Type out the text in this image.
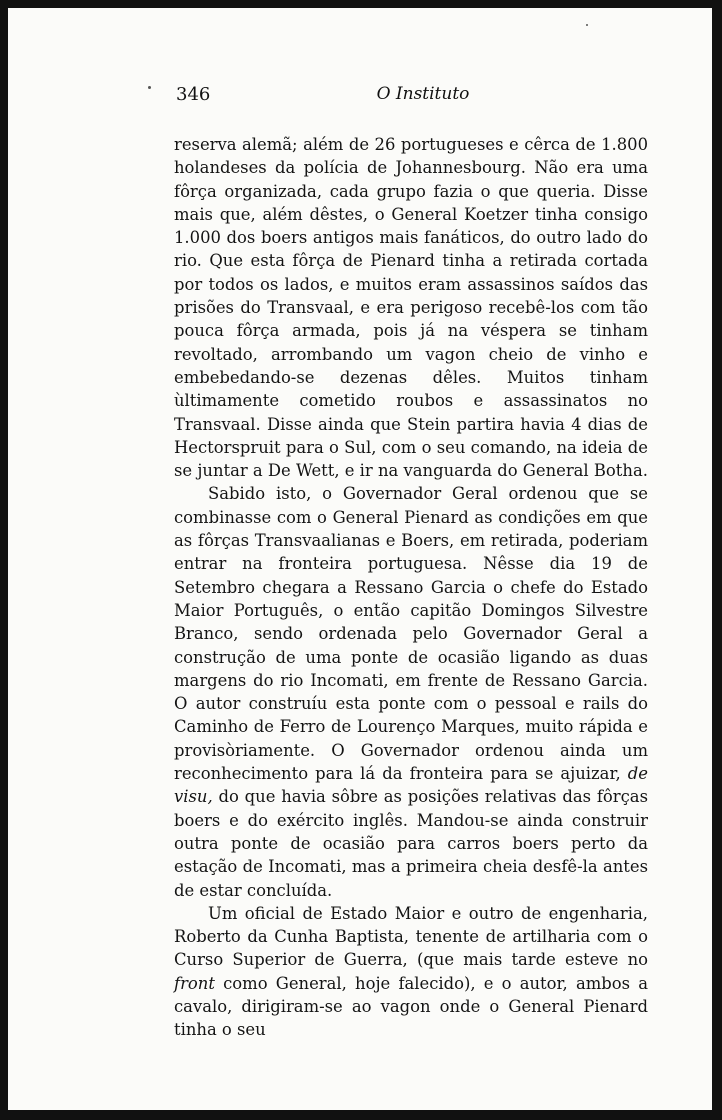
346	O Instituto

reserva alemã; além de 26 portugueses e cêrca de 1.800 holandeses da polícia de Johannesbourg. Não era uma fôrça organizada, cada grupo fazia o que queria. Disse mais que, além dêstes, o General Koetzer tinha consigo 1.000 dos boers antigos mais fanáticos, do outro lado do rio. Que esta fôrça de Pienard tinha a retirada cortada por todos os lados, e muitos eram assassinos saídos das prisões do Transvaal, e era perigoso recebê-los com tão pouca fôrça armada, pois já na véspera se tinham revoltado, arrombando um vagon cheio de vinho e embebedando-se dezenas dêles. Muitos tinham ùltimamente cometido roubos e assassinatos no Transvaal. Disse ainda que Stein partira havia 4 dias de Hectorspruit para o Sul, com o seu comando, na ideia de se juntar a De Wett, e ir na vanguarda do General Botha.

Sabido isto, o Governador Geral ordenou que se combinasse com o General Pienard as condições em que as fôrças Transvaalianas e Boers, em retirada, poderiam entrar na fronteira portuguesa. Nêsse dia 19 de Setembro chegara a Ressano Garcia o chefe do Estado Maior Português, o então capitão Domingos Silvestre Branco, sendo ordenada pelo Governador Geral a construção de uma ponte de ocasião ligando as duas margens do rio Incomati, em frente de Ressano Garcia. O autor construíu esta ponte com o pessoal e rails do Caminho de Ferro de Lourenço Marques, muito rápida e provisòriamente. O Governador ordenou ainda um reconhecimento para lá da fronteira para se ajuizar, de visu, do que havia sôbre as posições relativas das fôrças boers e do exército inglês. Mandou-se ainda construir outra ponte de ocasião para carros boers perto da estação de Incomati, mas a primeira cheia desfê-la antes de estar concluída.

Um oficial de Estado Maior e outro de engenharia, Roberto da Cunha Baptista, tenente de artilharia com o Curso Superior de Guerra, (que mais tarde esteve no front como General, hoje falecido), e o autor, ambos a cavalo, dirigiram-se ao vagon onde o General Pienard tinha o seu
